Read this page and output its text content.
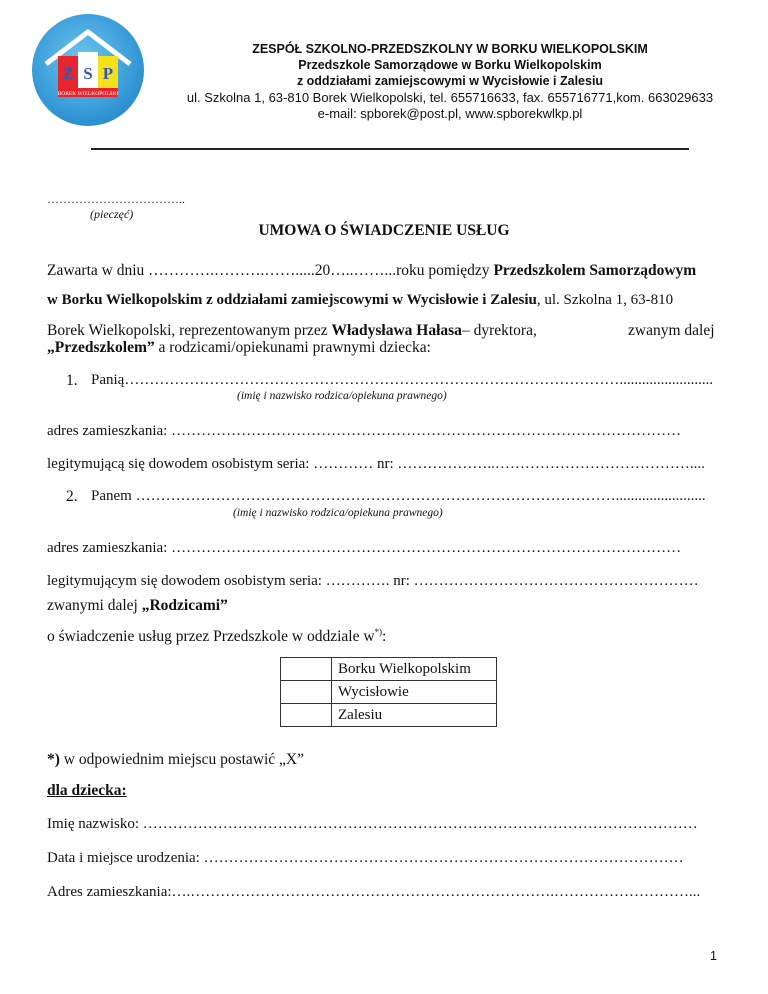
Z S P
BOREK WIELKOPOLSKI
ZESPÓŁ SZKOLNO-PRZEDSZKOLNY W BORKU WIELKOPOLSKIM
Przedszkole Samorządowe w Borku Wielkopolskim
z oddziałami zamiejscowymi w Wycisłowie i Zalesiu
ul. Szkolna 1, 63-810 Borek Wielkopolski, tel. 655716633, fax. 655716771,kom. 663029633
e-mail: spborek@post.pl, www.spborekwlkp.pl
……………………………..
(pieczęć)
UMOWA O ŚWIADCZENIE USŁUG
Zawarta w dniu ………….……….…….....20…..……...roku pomiędzy Przedszkolem Samorządowym
w Borku Wielkopolskim z oddziałami zamiejscowymi w Wycisłowie i Zalesiu, ul. Szkolna 1, 63-810
Borek Wielkopolski, reprezentowanym przez Władysława Hałasa– dyrektora,	zwanym dalej
„Przedszkolem” a rodzicami/opiekunami prawnymi dziecka:
1. Panią……………………………………………………………………………………….........................
(imię i nazwisko rodzica/opiekuna prawnego)
adres zamieszkania: …………………………………………………………………………………………
legitymującą się dowodem osobistym seria: ………… nr: ………………..…………………………………....
2. Panem ……………………………………………………………………………………........................
(imię i nazwisko rodzica/opiekuna prawnego)
adres zamieszkania: …………………………………………………………………………………………
legitymującym się dowodem osobistym seria: …………. nr: …………………………………………………
zwanymi dalej „Rodzicami”
o świadczenie usług przez Przedszkole w oddziale w*):
	Borku Wielkopolskim
	Wycisłowie
	Zalesiu
*) w odpowiednim miejscu postawić „X”
dla dziecka:
Imię nazwisko: …………………………………………………………………………………………………
Data i miejsce urodzenia: ……………………………………………………………………………………
Adres zamieszkania:….……………………………………………………………….………………………...
1
